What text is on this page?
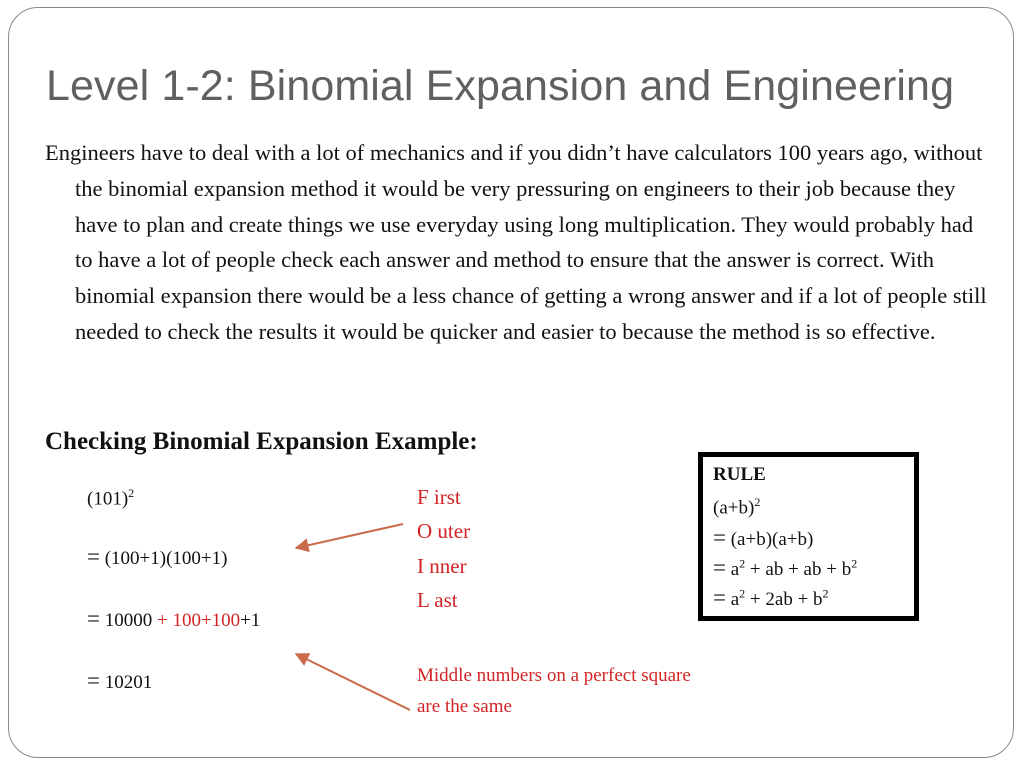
Level 1-2: Binomial Expansion and Engineering

Engineers have to deal with a lot of mechanics and if you didn’t have calculators 100 years ago, without the binomial expansion method it would be very pressuring on engineers to their job because they have to plan and create things we use everyday using long multiplication. They would probably had to have a lot of people check each answer and method to ensure that the answer is correct. With binomial expansion there would be a less chance of getting a wrong answer and if a lot of people still needed to check the results it would be quicker and easier to because the method is so effective.

Checking Binomial Expansion Example:
$(101)^2$
= (100+1)(100+1)
= 10000 + 100+100+1
= 10201
F irst
O uter
I nner
L ast
Middle numbers on a perfect square are the same
RULE
$(a+b)^2$
= (a+b)(a+b)
= $a^2$ + ab + ab + $b^2$
= $a^2 + 2ab + b^2$
